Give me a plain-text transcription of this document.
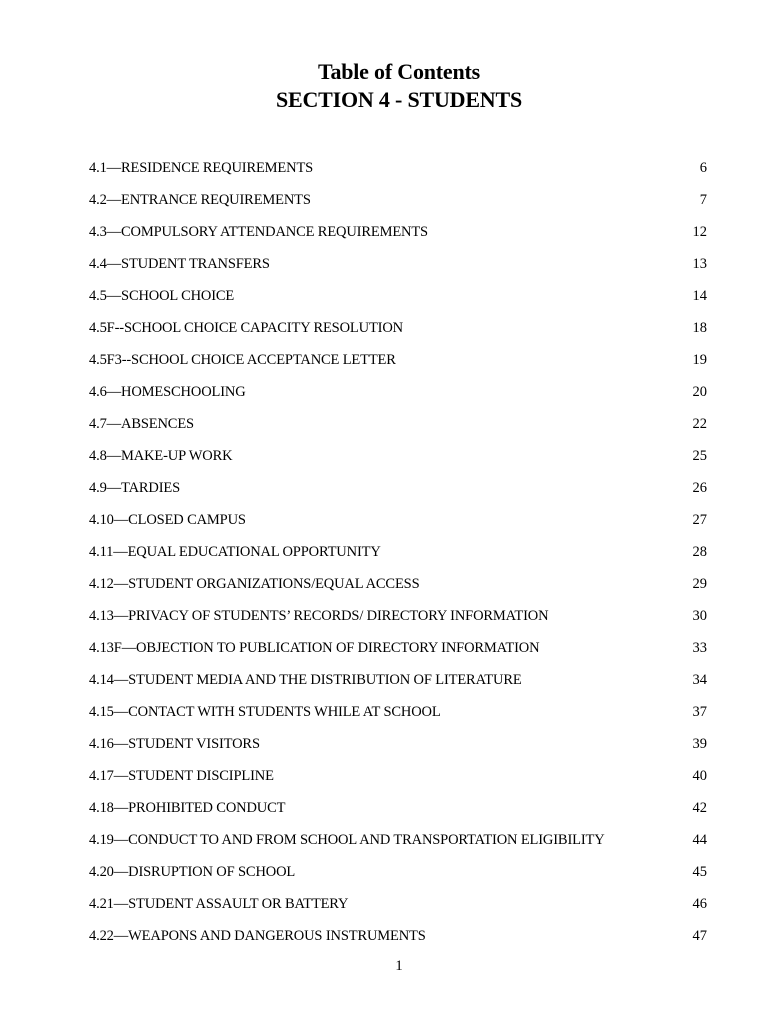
Table of Contents
SECTION 4 - STUDENTS
4.1—RESIDENCE REQUIREMENTS	6
4.2—ENTRANCE REQUIREMENTS	7
4.3—COMPULSORY ATTENDANCE REQUIREMENTS	12
4.4—STUDENT TRANSFERS	13
4.5—SCHOOL CHOICE	14
4.5F--SCHOOL CHOICE CAPACITY RESOLUTION	18
4.5F3--SCHOOL CHOICE ACCEPTANCE LETTER	19
4.6—HOMESCHOOLING	20
4.7—ABSENCES	22
4.8—MAKE-UP WORK	25
4.9—TARDIES	26
4.10—CLOSED CAMPUS	27
4.11—EQUAL EDUCATIONAL OPPORTUNITY	28
4.12—STUDENT ORGANIZATIONS/EQUAL ACCESS	29
4.13—PRIVACY OF STUDENTS’ RECORDS/ DIRECTORY INFORMATION	30
4.13F—OBJECTION TO PUBLICATION OF DIRECTORY INFORMATION	33
4.14—STUDENT MEDIA AND THE DISTRIBUTION OF LITERATURE	34
4.15—CONTACT WITH STUDENTS WHILE AT SCHOOL	37
4.16—STUDENT VISITORS	39
4.17—STUDENT DISCIPLINE	40
4.18—PROHIBITED CONDUCT	42
4.19—CONDUCT TO AND FROM SCHOOL AND TRANSPORTATION ELIGIBILITY	44
4.20—DISRUPTION OF SCHOOL	45
4.21—STUDENT ASSAULT OR BATTERY	46
4.22—WEAPONS AND DANGEROUS INSTRUMENTS	47
1
